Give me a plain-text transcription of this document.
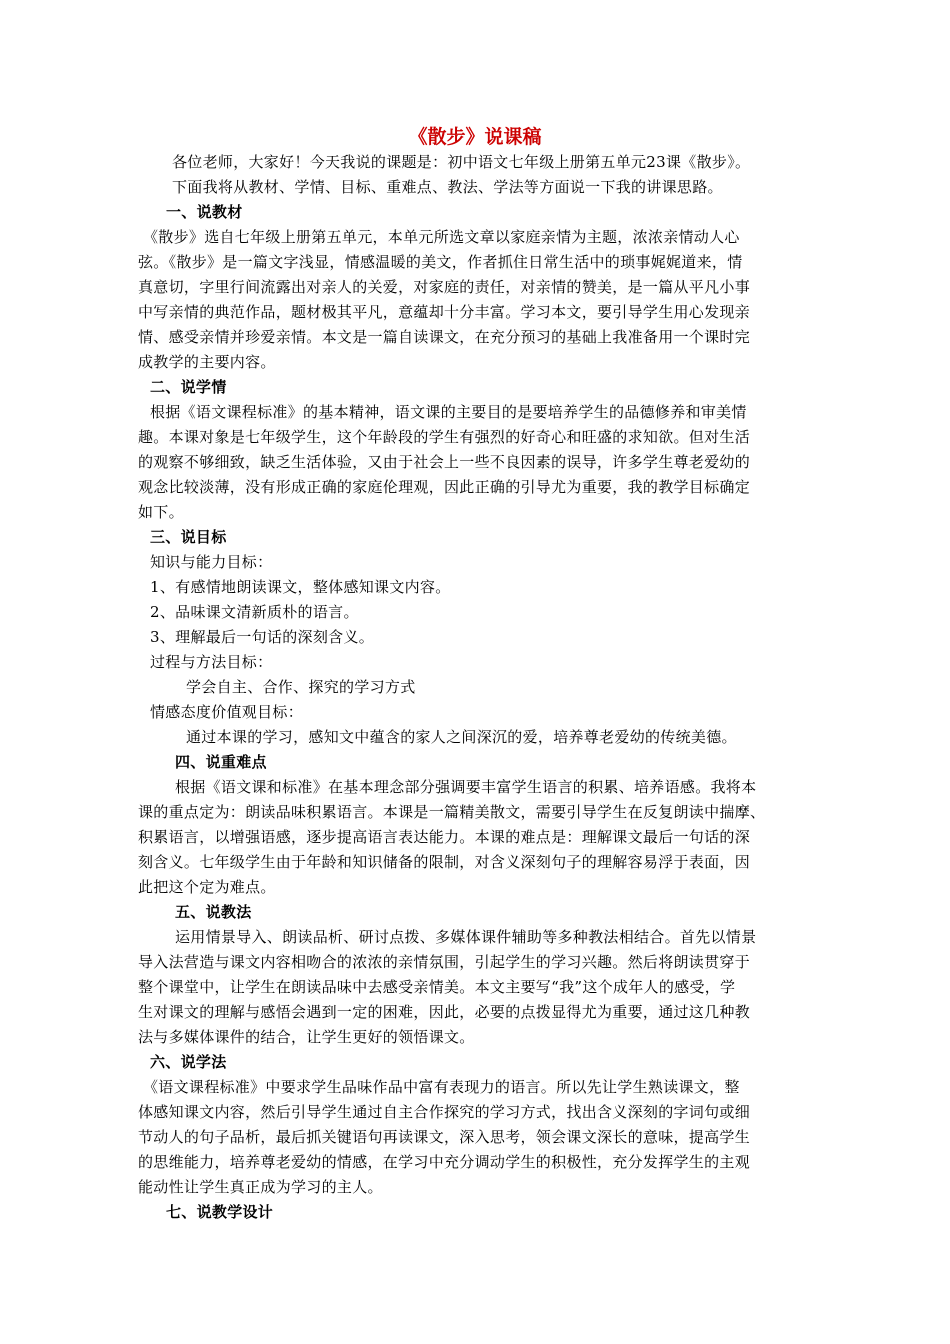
《散步》说课稿
各位老师，大家好！今天我说的课题是：初中语文七年级上册第五单元23课《散步》。
下面我将从教材、学情、目标、重难点、教法、学法等方面说一下我的讲课思路。
一、说教材
《散步》选自七年级上册第五单元，本单元所选文章以家庭亲情为主题，浓浓亲情动人心
弦。《散步》是一篇文字浅显，情感温暖的美文，作者抓住日常生活中的琐事娓娓道来，情
真意切，字里行间流露出对亲人的关爱，对家庭的责任，对亲情的赞美，是一篇从平凡小事
中写亲情的典范作品，题材极其平凡，意蕴却十分丰富。学习本文，要引导学生用心发现亲
情、感受亲情并珍爱亲情。本文是一篇自读课文，在充分预习的基础上我准备用一个课时完
成教学的主要内容。
二、说学情
根据《语文课程标准》的基本精神，语文课的主要目的是要培养学生的品德修养和审美情
趣。本课对象是七年级学生，这个年龄段的学生有强烈的好奇心和旺盛的求知欲。但对生活
的观察不够细致，缺乏生活体验，又由于社会上一些不良因素的误导，许多学生尊老爱幼的
观念比较淡薄，没有形成正确的家庭伦理观，因此正确的引导尤为重要，我的教学目标确定
如下。
三、说目标
知识与能力目标：
1、有感情地朗读课文，整体感知课文内容。
2、品味课文清新质朴的语言。
3、理解最后一句话的深刻含义。
过程与方法目标：
学会自主、合作、探究的学习方式
情感态度价值观目标：
通过本课的学习，感知文中蕴含的家人之间深沉的爱，培养尊老爱幼的传统美德。
四、说重难点
根据《语文课和标准》在基本理念部分强调要丰富学生语言的积累、培养语感。我将本
课的重点定为：朗读品味积累语言。本课是一篇精美散文，需要引导学生在反复朗读中揣摩、
积累语言，以增强语感，逐步提高语言表达能力。本课的难点是：理解课文最后一句话的深
刻含义。七年级学生由于年龄和知识储备的限制，对含义深刻句子的理解容易浮于表面，因
此把这个定为难点。
五、说教法
运用情景导入、朗读品析、研讨点拨、多媒体课件辅助等多种教法相结合。首先以情景
导入法营造与课文内容相吻合的浓浓的亲情氛围，引起学生的学习兴趣。然后将朗读贯穿于
整个课堂中，让学生在朗读品味中去感受亲情美。本文主要写“我”这个成年人的感受，学
生对课文的理解与感悟会遇到一定的困难，因此，必要的点拨显得尤为重要，通过这几种教
法与多媒体课件的结合，让学生更好的领悟课文。
六、说学法
《语文课程标准》中要求学生品味作品中富有表现力的语言。所以先让学生熟读课文，整
体感知课文内容，然后引导学生通过自主合作探究的学习方式，找出含义深刻的字词句或细
节动人的句子品析，最后抓关键语句再读课文，深入思考，领会课文深长的意味，提高学生
的思维能力，培养尊老爱幼的情感，在学习中充分调动学生的积极性，充分发挥学生的主观
能动性让学生真正成为学习的主人。
七、说教学设计
